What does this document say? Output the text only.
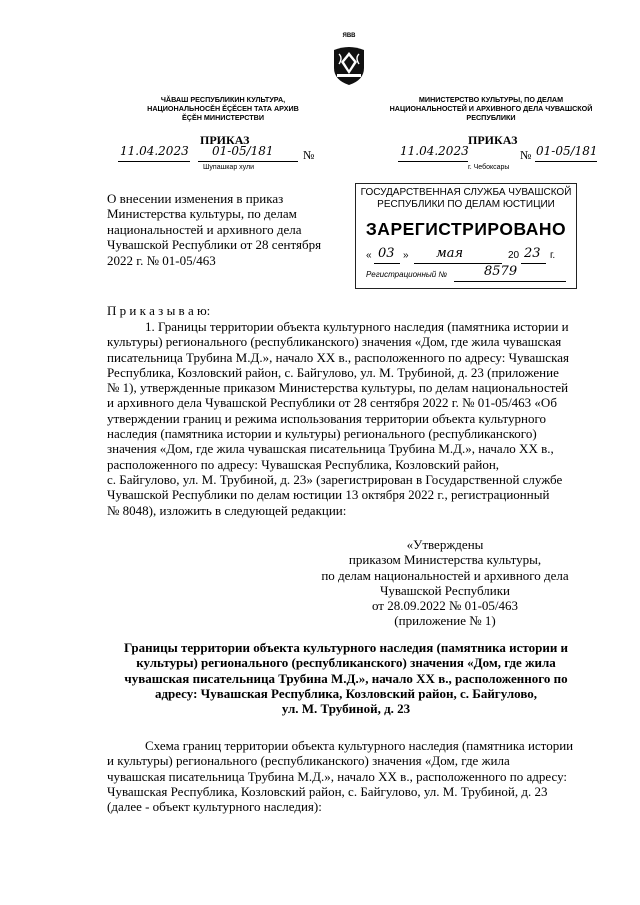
ЯВВ
ЧĂВАШ РЕСПУБЛИКИН КУЛЬТУРА, НАЦИОНАЛЬНОСĔН ĔÇĔСЕН ТАТА АРХИВ ĔÇĔН МИНИСТЕРСТВИ
МИНИСТЕРСТВО КУЛЬТУРЫ, ПО ДЕЛАМ НАЦИОНАЛЬНОСТЕЙ И АРХИВНОГО ДЕЛА ЧУВАШСКОЙ РЕСПУБЛИКИ
ПРИКАЗ	ПРИКАЗ
11.04.2023 01-05/181 №
Шупашкар хули
11.04.2023	№ 01-05/181
г. Чебоксары
О внесении изменения в приказ
Министерства культуры, по делам
национальностей и архивного дела
Чувашской Республики от 28 сентября
2022 г. № 01-05/463
ГОСУДАРСТВЕННАЯ СЛУЖБА ЧУВАШСКОЙ
РЕСПУБЛИКИ ПО ДЕЛАМ ЮСТИЦИИ
ЗАРЕГИСТРИРОВАНО
« 03 » мая	20 23 г.
Регистрационный №	8579
П р и к а з ы в а ю:
1. Границы территории объекта культурного наследия (памятника истории и
культуры) регионального (республиканского) значения «Дом, где жила чувашская
писательница Трубина М.Д.», начало XX в., расположенного по адресу: Чувашская
Республика, Козловский район, с. Байгулово, ул. М. Трубиной, д. 23 (приложение
№ 1), утвержденные приказом Министерства культуры, по делам национальностей
и архивного дела Чувашской Республики от 28 сентября 2022 г. № 01-05/463 «Об
утверждении границ и режима использования территории объекта культурного
наследия (памятника истории и культуры) регионального (республиканского)
значения «Дом, где жила чувашская писательница Трубина М.Д.», начало XX в.,
расположенного по адресу: Чувашская Республика, Козловский район,
с. Байгулово, ул. М. Трубиной, д. 23» (зарегистрирован в Государственной службе
Чувашской Республики по делам юстиции 13 октября 2022 г., регистрационный
№ 8048), изложить в следующей редакции:
«Утверждены
приказом Министерства культуры,
по делам национальностей и архивного дела
Чувашской Республики
от 28.09.2022 № 01-05/463
(приложение № 1)
Границы территории объекта культурного наследия (памятника истории и
культуры) регионального (республиканского) значения «Дом, где жила
чувашская писательница Трубина М.Д.», начало XX в., расположенного по
адресу: Чувашская Республика, Козловский район, с. Байгулово,
ул. М. Трубиной, д. 23
Схема границ территории объекта культурного наследия (памятника истории
и культуры) регионального (республиканского) значения «Дом, где жила
чувашская писательница Трубина М.Д.», начало XX в., расположенного по адресу:
Чувашская Республика, Козловский район, с. Байгулово, ул. М. Трубиной, д. 23
(далее - объект культурного наследия):
